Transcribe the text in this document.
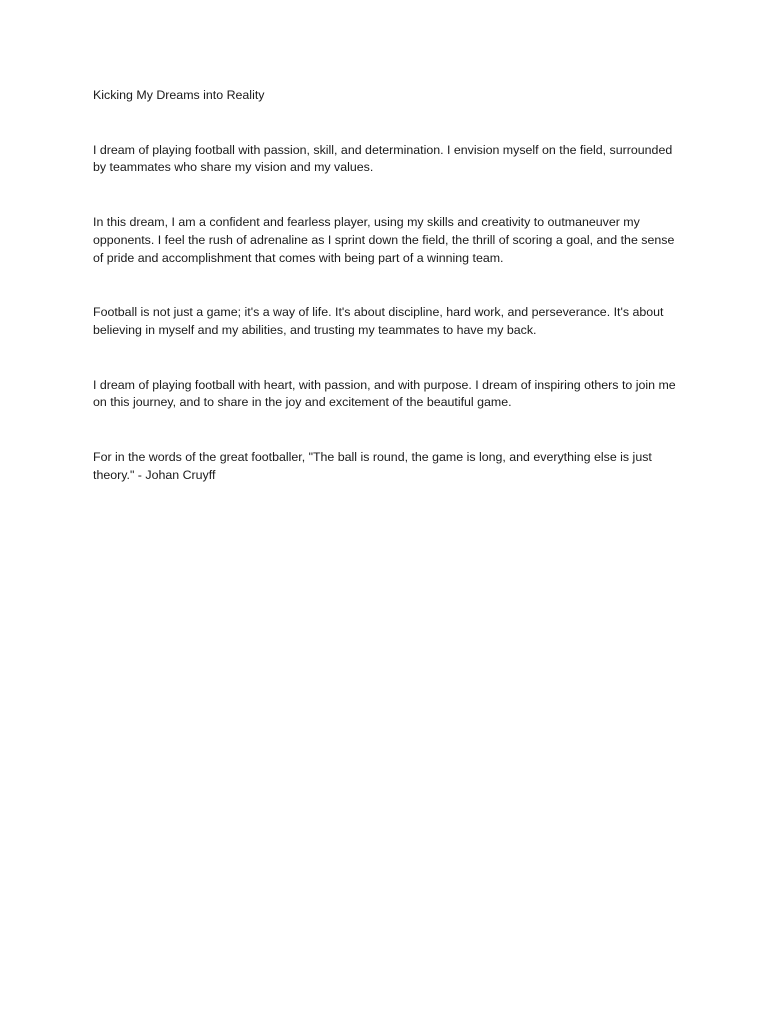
Kicking My Dreams into Reality

I dream of playing football with passion, skill, and determination. I envision myself on the field, surrounded by teammates who share my vision and my values.

In this dream, I am a confident and fearless player, using my skills and creativity to outmaneuver my opponents. I feel the rush of adrenaline as I sprint down the field, the thrill of scoring a goal, and the sense of pride and accomplishment that comes with being part of a winning team.

Football is not just a game; it's a way of life. It's about discipline, hard work, and perseverance. It's about believing in myself and my abilities, and trusting my teammates to have my back.

I dream of playing football with heart, with passion, and with purpose. I dream of inspiring others to join me on this journey, and to share in the joy and excitement of the beautiful game.

For in the words of the great footballer, "The ball is round, the game is long, and everything else is just theory." - Johan Cruyff
